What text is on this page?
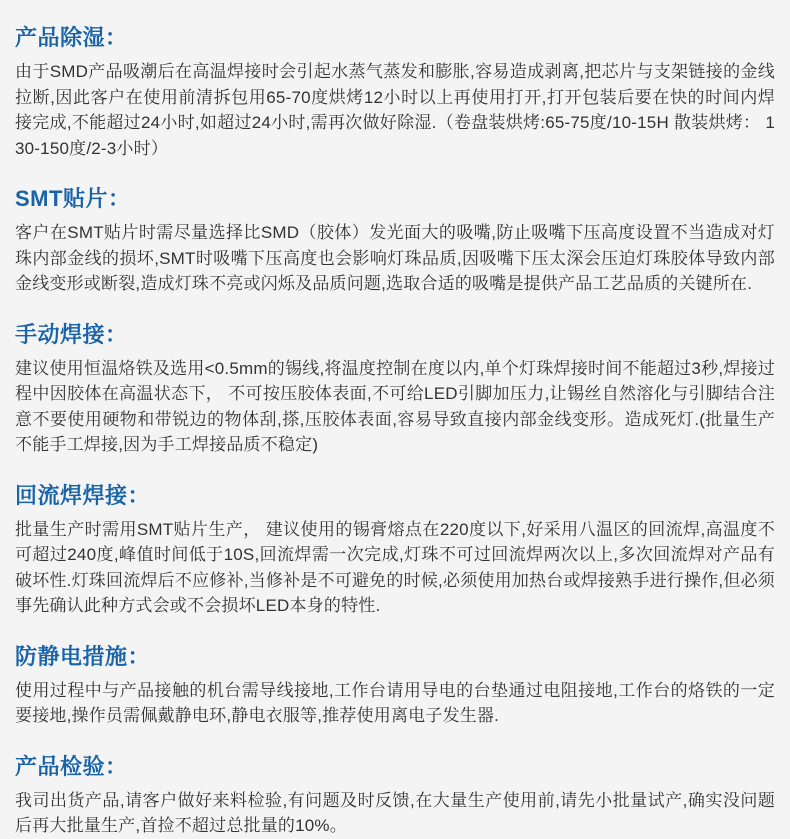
产品除湿：

由于SMD产品吸潮后在高温焊接时会引起水蒸气蒸发和膨胀,容易造成剥离,把芯片与支架链接的金线拉断,因此客户在使用前清拆包用65-70度烘烤12小时以上再使用打开,打开包装后要在快的时间内焊接完成,不能超过24小时,如超过24小时,需再次做好除湿.（卷盘装烘烤:65-75度/10-15H 散装烘烤： 130-150度/2-3小时）

SMT贴片：

客户在SMT贴片时需尽量选择比SMD（胶体）发光面大的吸嘴,防止吸嘴下压高度设置不当造成对灯珠内部金线的损坏,SMT时吸嘴下压高度也会影响灯珠品质,因吸嘴下压太深会压迫灯珠胶体导致内部金线变形或断裂,造成灯珠不亮或闪烁及品质问题,选取合适的吸嘴是提供产品工艺品质的关键所在.

手动焊接：

建议使用恒温烙铁及选用<0.5mm的锡线,将温度控制在度以内,单个灯珠焊接时间不能超过3秒,焊接过程中因胶体在高温状态下， 不可按压胶体表面,不可给LED引脚加压力,让锡丝自然溶化与引脚结合注意不要使用硬物和带锐边的物体刮,搽,压胶体表面,容易导致直接内部金线变形。造成死灯.(批量生产不能手工焊接,因为手工焊接品质不稳定)

回流焊焊接：

批量生产时需用SMT贴片生产， 建议使用的锡膏熔点在220度以下,好采用八温区的回流焊,高温度不可超过240度,峰值时间低于10S,回流焊需一次完成,灯珠不可过回流焊两次以上,多次回流焊对产品有破坏性.灯珠回流焊后不应修补,当修补是不可避免的时候,必须使用加热台或焊接熟手进行操作,但必须事先确认此种方式会或不会损坏LED本身的特性.

防静电措施：

使用过程中与产品接触的机台需导线接地,工作台请用导电的台垫通过电阻接地,工作台的烙铁的一定要接地,操作员需佩戴静电环,静电衣服等,推荐使用离电子发生器.

产品检验：

我司出货产品,请客户做好来料检验,有问题及时反馈,在大量生产使用前,请先小批量试产,确实没问题后再大批量生产,首捡不超过总批量的10%。
